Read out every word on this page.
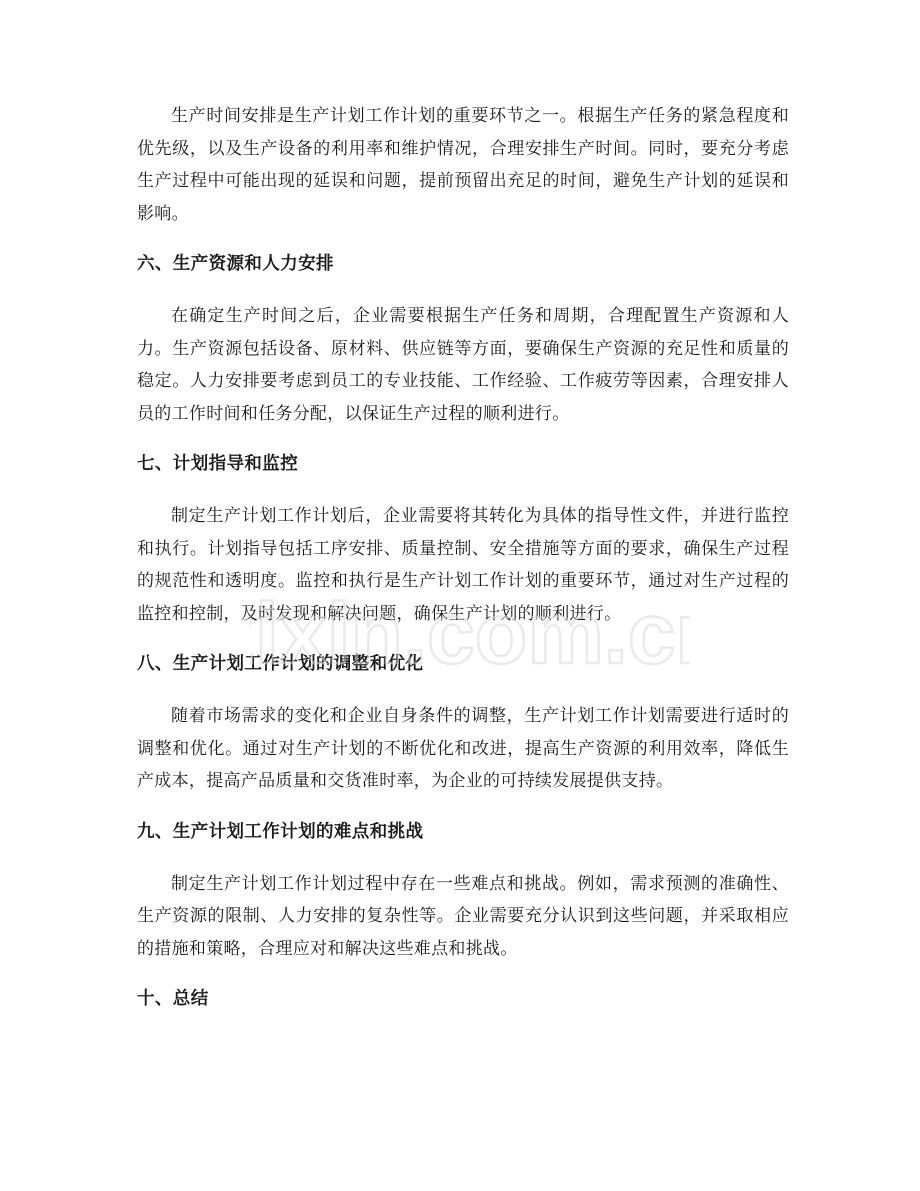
生产时间安排是生产计划工作计划的重要环节之一。根据生产任务的紧急程度和优先级，以及生产设备的利用率和维护情况，合理安排生产时间。同时，要充分考虑生产过程中可能出现的延误和问题，提前预留出充足的时间，避免生产计划的延误和影响。

六、生产资源和人力安排

在确定生产时间之后，企业需要根据生产任务和周期，合理配置生产资源和人力。生产资源包括设备、原材料、供应链等方面，要确保生产资源的充足性和质量的稳定。人力安排要考虑到员工的专业技能、工作经验、工作疲劳等因素，合理安排人员的工作时间和任务分配，以保证生产过程的顺利进行。

七、计划指导和监控

制定生产计划工作计划后，企业需要将其转化为具体的指导性文件，并进行监控和执行。计划指导包括工序安排、质量控制、安全措施等方面的要求，确保生产过程的规范性和透明度。监控和执行是生产计划工作计划的重要环节，通过对生产过程的监控和控制，及时发现和解决问题，确保生产计划的顺利进行。

八、生产计划工作计划的调整和优化

随着市场需求的变化和企业自身条件的调整，生产计划工作计划需要进行适时的调整和优化。通过对生产计划的不断优化和改进，提高生产资源的利用效率，降低生产成本，提高产品质量和交货准时率，为企业的可持续发展提供支持。

九、生产计划工作计划的难点和挑战

制定生产计划工作计划过程中存在一些难点和挑战。例如，需求预测的准确性、生产资源的限制、人力安排的复杂性等。企业需要充分认识到这些问题，并采取相应的措施和策略，合理应对和解决这些难点和挑战。

十、总结
ixin.com.c
